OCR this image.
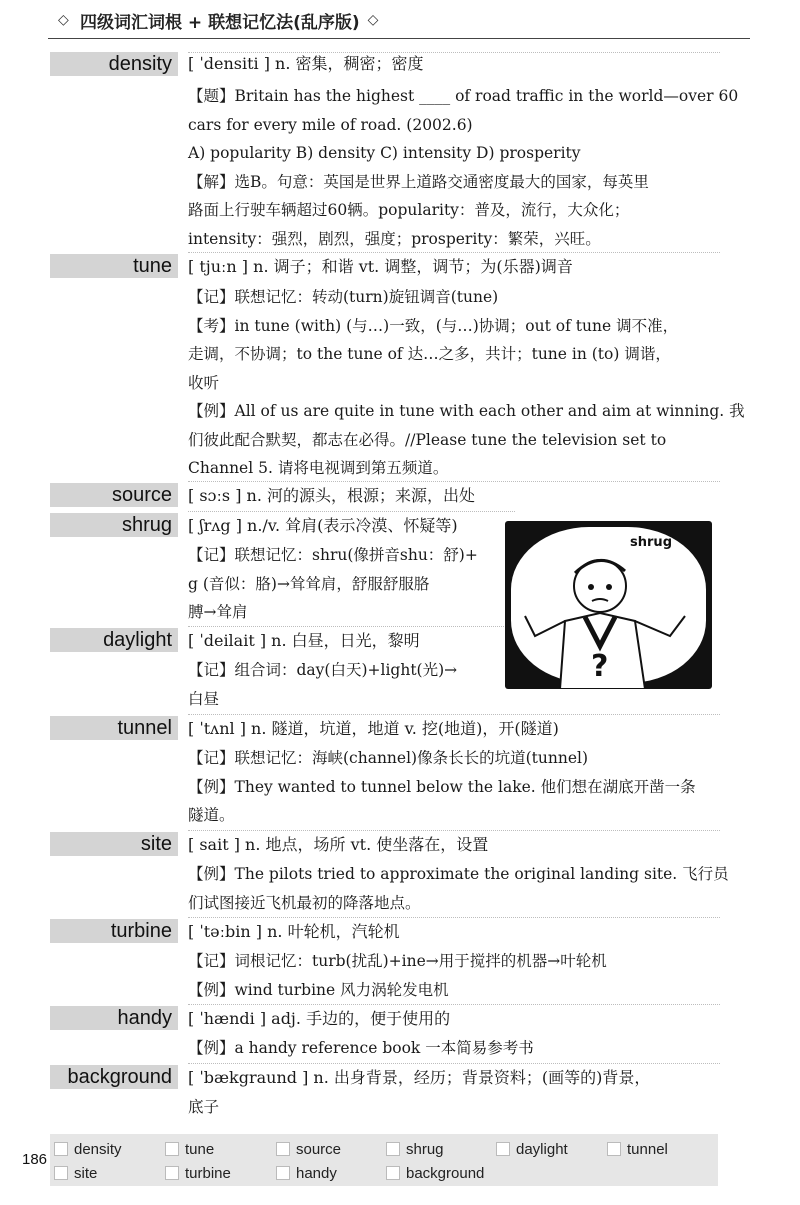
◇ 四级词汇词根 + 联想记忆法(乱序版) ◇
density	[ ˈdensiti ] n. 密集，稠密；密度

【题】Britain has the highest ____ of road traffic in the world—over 60

cars for every mile of road. (2002.6)

A) popularity B) density C) intensity D) prosperity

【解】选B。句意：英国是世界上道路交通密度最大的国家，每英里

路面上行驶车辆超过60辆。popularity：普及，流行，大众化；

intensity：强烈，剧烈，强度；prosperity：繁荣，兴旺。

tune	[ tjuːn ] n. 调子；和谐 vt. 调整，调节；为(乐器)调音

【记】联想记忆：转动(turn)旋钮调音(tune)

【考】in tune (with) (与…)一致，(与…)协调；out of tune 调不准，

走调，不协调；to the tune of 达…之多，共计；tune in (to) 调谐，

收听

【例】All of us are quite in tune with each other and aim at winning. 我

们彼此配合默契，都志在必得。//Please tune the television set to

Channel 5. 请将电视调到第五频道。

source	[ sɔːs ] n. 河的源头，根源；来源，出处
shrug	[ ʃrʌg ] n./v. 耸肩(表示冷漠、怀疑等)

【记】联想记忆：shru(像拼音shu：舒)+

g (音似：胳)→耸耸肩，舒服舒服胳

膊→耸肩

daylight	[ ˈdeilait ] n. 白昼，日光，黎明

【记】组合词：day(白天)+light(光)→

白昼

?
shrug
tunnel	[ ˈtʌnl ] n. 隧道，坑道，地道 v. 挖(地道)，开(隧道)

【记】联想记忆：海峡(channel)像条长长的坑道(tunnel)

【例】They wanted to tunnel below the lake. 他们想在湖底开凿一条

隧道。

site	[ sait ] n. 地点，场所 vt. 使坐落在，设置

【例】The pilots tried to approximate the original landing site. 飞行员

们试图接近飞机最初的降落地点。

turbine	[ ˈtəːbin ] n. 叶轮机，汽轮机

【记】词根记忆：turb(扰乱)+ine→用于搅拌的机器→叶轮机

【例】wind turbine 风力涡轮发电机

handy	[ ˈhændi ] adj. 手边的，便于使用的

【例】a handy reference book 一本简易参考书

background	[ ˈbækgraund ] n. 出身背景，经历；背景资料；(画等的)背景，

底子

186
density	tune	source	shrug	daylight	tunnel
site	turbine	handy	background
